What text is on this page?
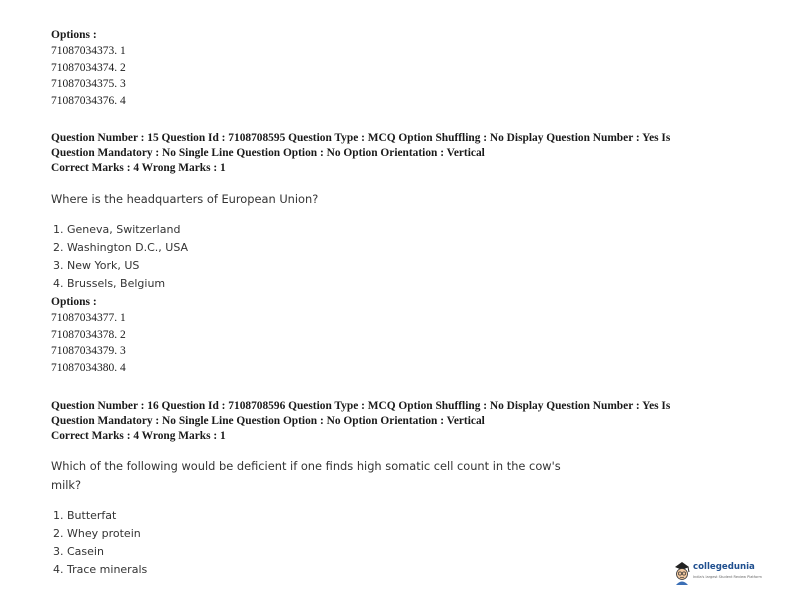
Options :
71087034373. 1
71087034374. 2
71087034375. 3
71087034376. 4
Question Number : 15 Question Id : 7108708595 Question Type : MCQ Option Shuffling : No Display Question Number : Yes Is
Question Mandatory : No Single Line Question Option : No Option Orientation : Vertical
Correct Marks : 4 Wrong Marks : 1
Where is the headquarters of European Union?
1. Geneva, Switzerland
2. Washington D.C., USA
3. New York, US
4. Brussels, Belgium
Options :
71087034377. 1
71087034378. 2
71087034379. 3
71087034380. 4
Question Number : 16 Question Id : 7108708596 Question Type : MCQ Option Shuffling : No Display Question Number : Yes Is
Question Mandatory : No Single Line Question Option : No Option Orientation : Vertical
Correct Marks : 4 Wrong Marks : 1
Which of the following would be deficient if one finds high somatic cell count in the cow's
milk?
1. Butterfat
2. Whey protein
3. Casein
4. Trace minerals	collegedunia
India's largest Student Review Platform
